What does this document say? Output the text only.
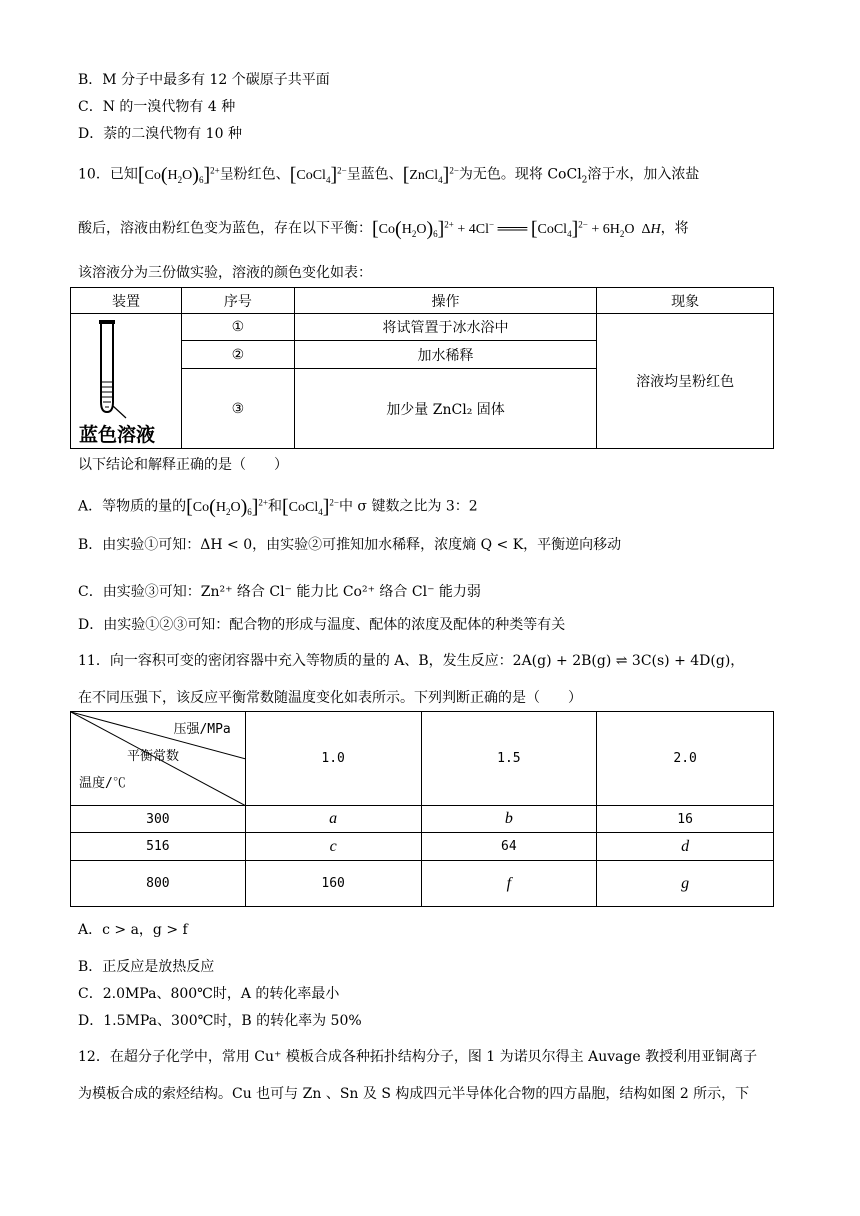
B．M 分子中最多有 12 个碳原子共平面
C．N 的一溴代物有 4 种
D．萘的二溴代物有 10 种
10．已知$[Co(H_2O)_6]^{2+}$呈粉红色、[CoCl$_4$]$^{2-}$呈蓝色、[ZnCl$_4$]$^{2-}$为无色。现将 CoCl$_2$溶于水，加入浓盐
酸后，溶液由粉红色变为蓝色，存在以下平衡：$[Co(H_2O)_6]^{2+} + 4Cl^-$ ═══ [CoCl$_4$]$^{2-}$ + $6H_2O$  ΔH，将
该溶液分为三份做实验，溶液的颜色变化如表：
装置	序号	操作	现象

蓝色溶液	①	将试管置于冰水浴中	溶液均呈粉红色
	②	加水稀释	
	③	加少量 ZnCl₂ 固体	
以下结论和解释正确的是（　　）
A．等物质的量的$[Co(H_2O)_6]^{2+}$和[CoCl$_4$]$^{2-}$中 σ 键数之比为 3：2
B．由实验①可知：ΔH < 0，由实验②可推知加水稀释，浓度熵 Q < K，平衡逆向移动
C．由实验③可知：Zn²⁺ 络合 Cl⁻ 能力比 Co²⁺ 络合 Cl⁻ 能力弱
D．由实验①②③可知：配合物的形成与温度、配体的浓度及配体的种类等有关
11．向一容积可变的密闭容器中充入等物质的量的 A、B，发生反应：2A(g) + 2B(g) ⇌ 3C(s) + 4D(g)，
在不同压强下，该反应平衡常数随温度变化如表所示。下列判断正确的是（　　）
压强/MPa
平衡常数
温度/℃	1.0	1.5	2.0
300	a	b	16
516	c	64	d
800	160	f	g
A．c > a，g > f
B．正反应是放热反应
C．2.0MPa、800℃时，A 的转化率最小
D．1.5MPa、300℃时，B 的转化率为 50%
12．在超分子化学中，常用 Cu⁺ 模板合成各种拓扑结构分子，图 1 为诺贝尔得主 Auvage 教授利用亚铜离子
为模板合成的索烃结构。Cu 也可与 Zn 、Sn 及 S 构成四元半导体化合物的四方晶胞，结构如图 2 所示，下
